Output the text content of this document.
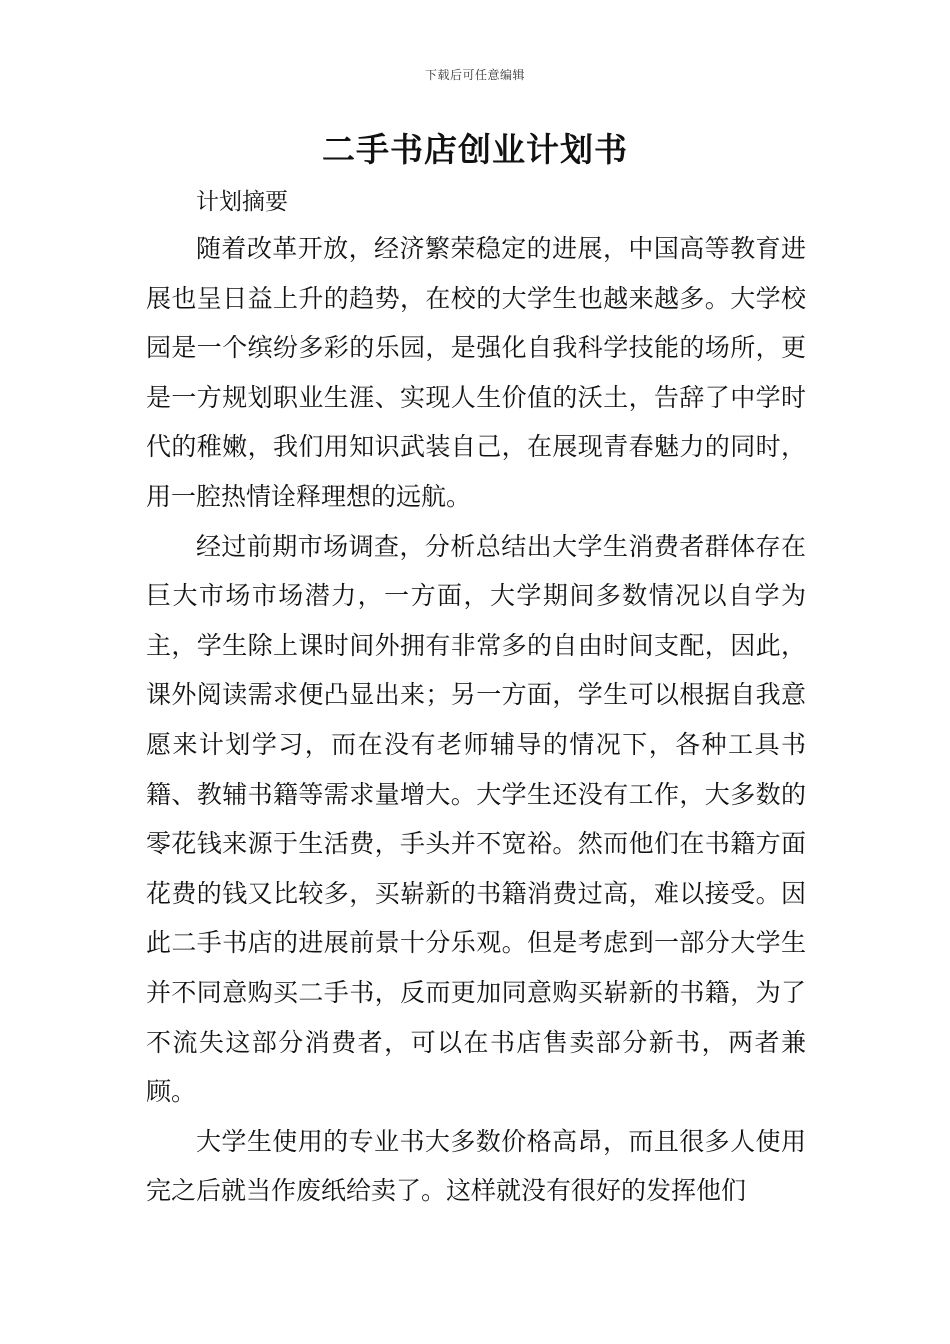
下载后可任意编辑
二手书店创业计划书
计划摘要

随着改革开放，经济繁荣稳定的进展，中国高等教育进展也呈日益上升的趋势，在校的大学生也越来越多。大学校园是一个缤纷多彩的乐园，是强化自我科学技能的场所，更是一方规划职业生涯、实现人生价值的沃土，告辞了中学时代的稚嫩，我们用知识武装自己，在展现青春魅力的同时，用一腔热情诠释理想的远航。

经过前期市场调查，分析总结出大学生消费者群体存在巨大市场市场潜力，一方面，大学期间多数情况以自学为主，学生除上课时间外拥有非常多的自由时间支配，因此，课外阅读需求便凸显出来；另一方面，学生可以根据自我意愿来计划学习，而在没有老师辅导的情况下，各种工具书籍、教辅书籍等需求量增大。大学生还没有工作，大多数的零花钱来源于生活费，手头并不宽裕。然而他们在书籍方面花费的钱又比较多，买崭新的书籍消费过高，难以接受。因此二手书店的进展前景十分乐观。但是考虑到一部分大学生并不同意购买二手书，反而更加同意购买崭新的书籍，为了不流失这部分消费者，可以在书店售卖部分新书，两者兼顾。

大学生使用的专业书大多数价格高昂，而且很多人使用完之后就当作废纸给卖了。这样就没有很好的发挥他们
